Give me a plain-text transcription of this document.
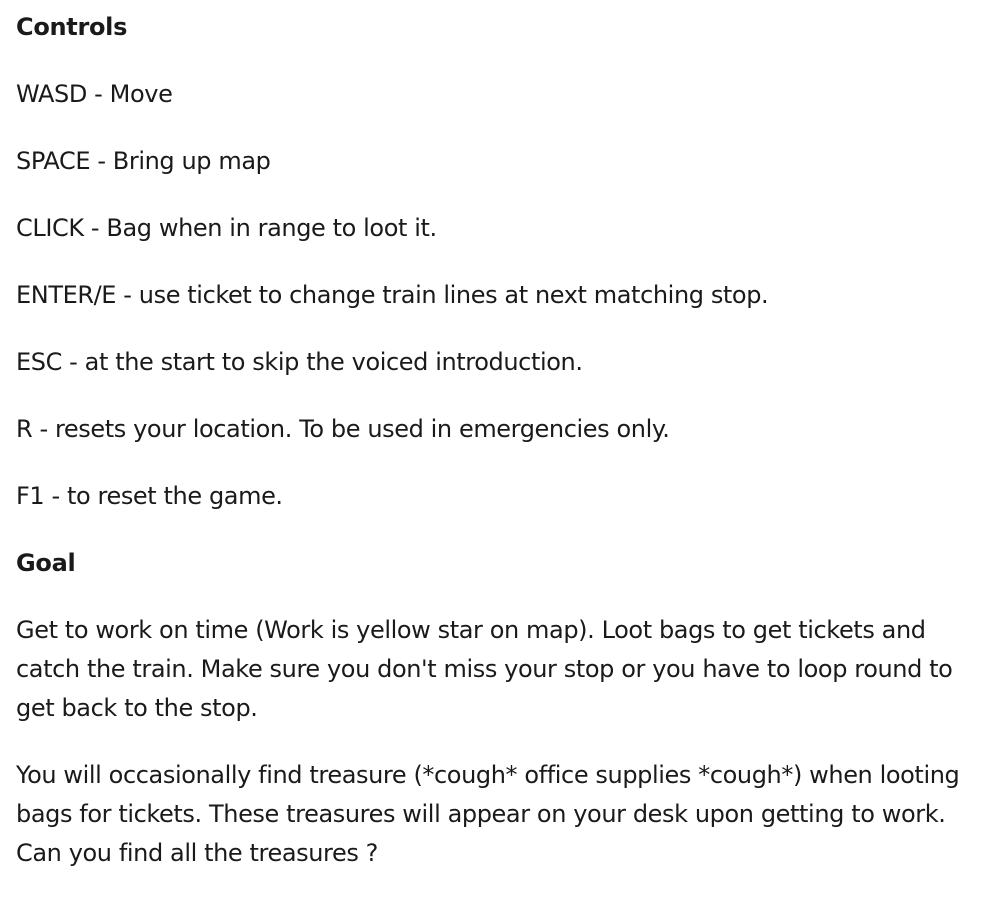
Controls

WASD - Move

SPACE - Bring up map

CLICK - Bag when in range to loot it.

ENTER/E - use ticket to change train lines at next matching stop.

ESC - at the start to skip the voiced introduction.

R - resets your location. To be used in emergencies only.

F1 - to reset the game.

Goal

Get to work on time (Work is yellow star on map). Loot bags to get tickets and catch the train. Make sure you don't miss your stop or you have to loop round to get back to the stop.

You will occasionally find treasure (*cough* office supplies *cough*) when looting bags for tickets. These treasures will appear on your desk upon getting to work. Can you find all the treasures ?
